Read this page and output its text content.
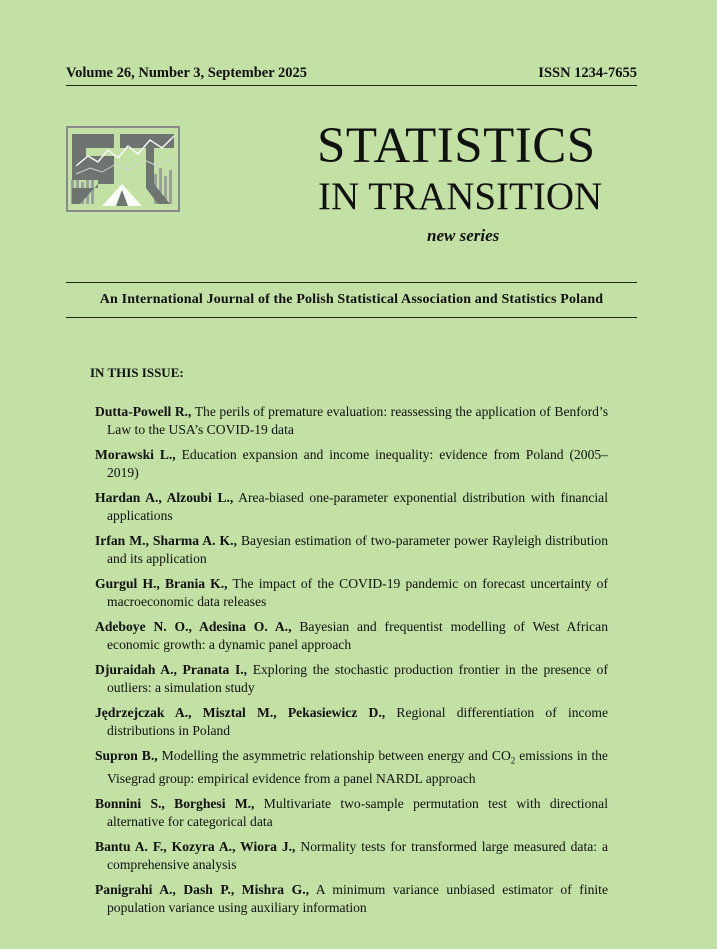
Volume 26, Number 3, September 2025	ISSN 1234-7655
STATISTICS
IN TRANSITION
new series
An International Journal of the Polish Statistical Association and Statistics Poland
IN THIS ISSUE:
Dutta-Powell R., The perils of premature evaluation: reassessing the application of Benford’s Law to the USA’s COVID-19 data
Morawski L., Education expansion and income inequality: evidence from Poland (2005–2019)
Hardan A., Alzoubi L., Area-biased one-parameter exponential distribution with financial applications
Irfan M., Sharma A. K., Bayesian estimation of two-parameter power Rayleigh distribution and its application
Gurgul H., Brania K., The impact of the COVID-19 pandemic on forecast uncertainty of macroeconomic data releases
Adeboye N. O., Adesina O. A., Bayesian and frequentist modelling of West African economic growth: a dynamic panel approach
Djuraidah A., Pranata I., Exploring the stochastic production frontier in the presence of outliers: a simulation study
Jędrzejczak A., Misztal M., Pekasiewicz D., Regional differentiation of income distributions in Poland
Supron B., Modelling the asymmetric relationship between energy and $CO_2$ emissions in the Visegrad group: empirical evidence from a panel NARDL approach
Bonnini S., Borghesi M., Multivariate two-sample permutation test with directional alternative for categorical data
Bantu A. F., Kozyra A., Wiora J., Normality tests for transformed large measured data: a comprehensive analysis
Panigrahi A., Dash P., Mishra G., A minimum variance unbiased estimator of finite population variance using auxiliary information
